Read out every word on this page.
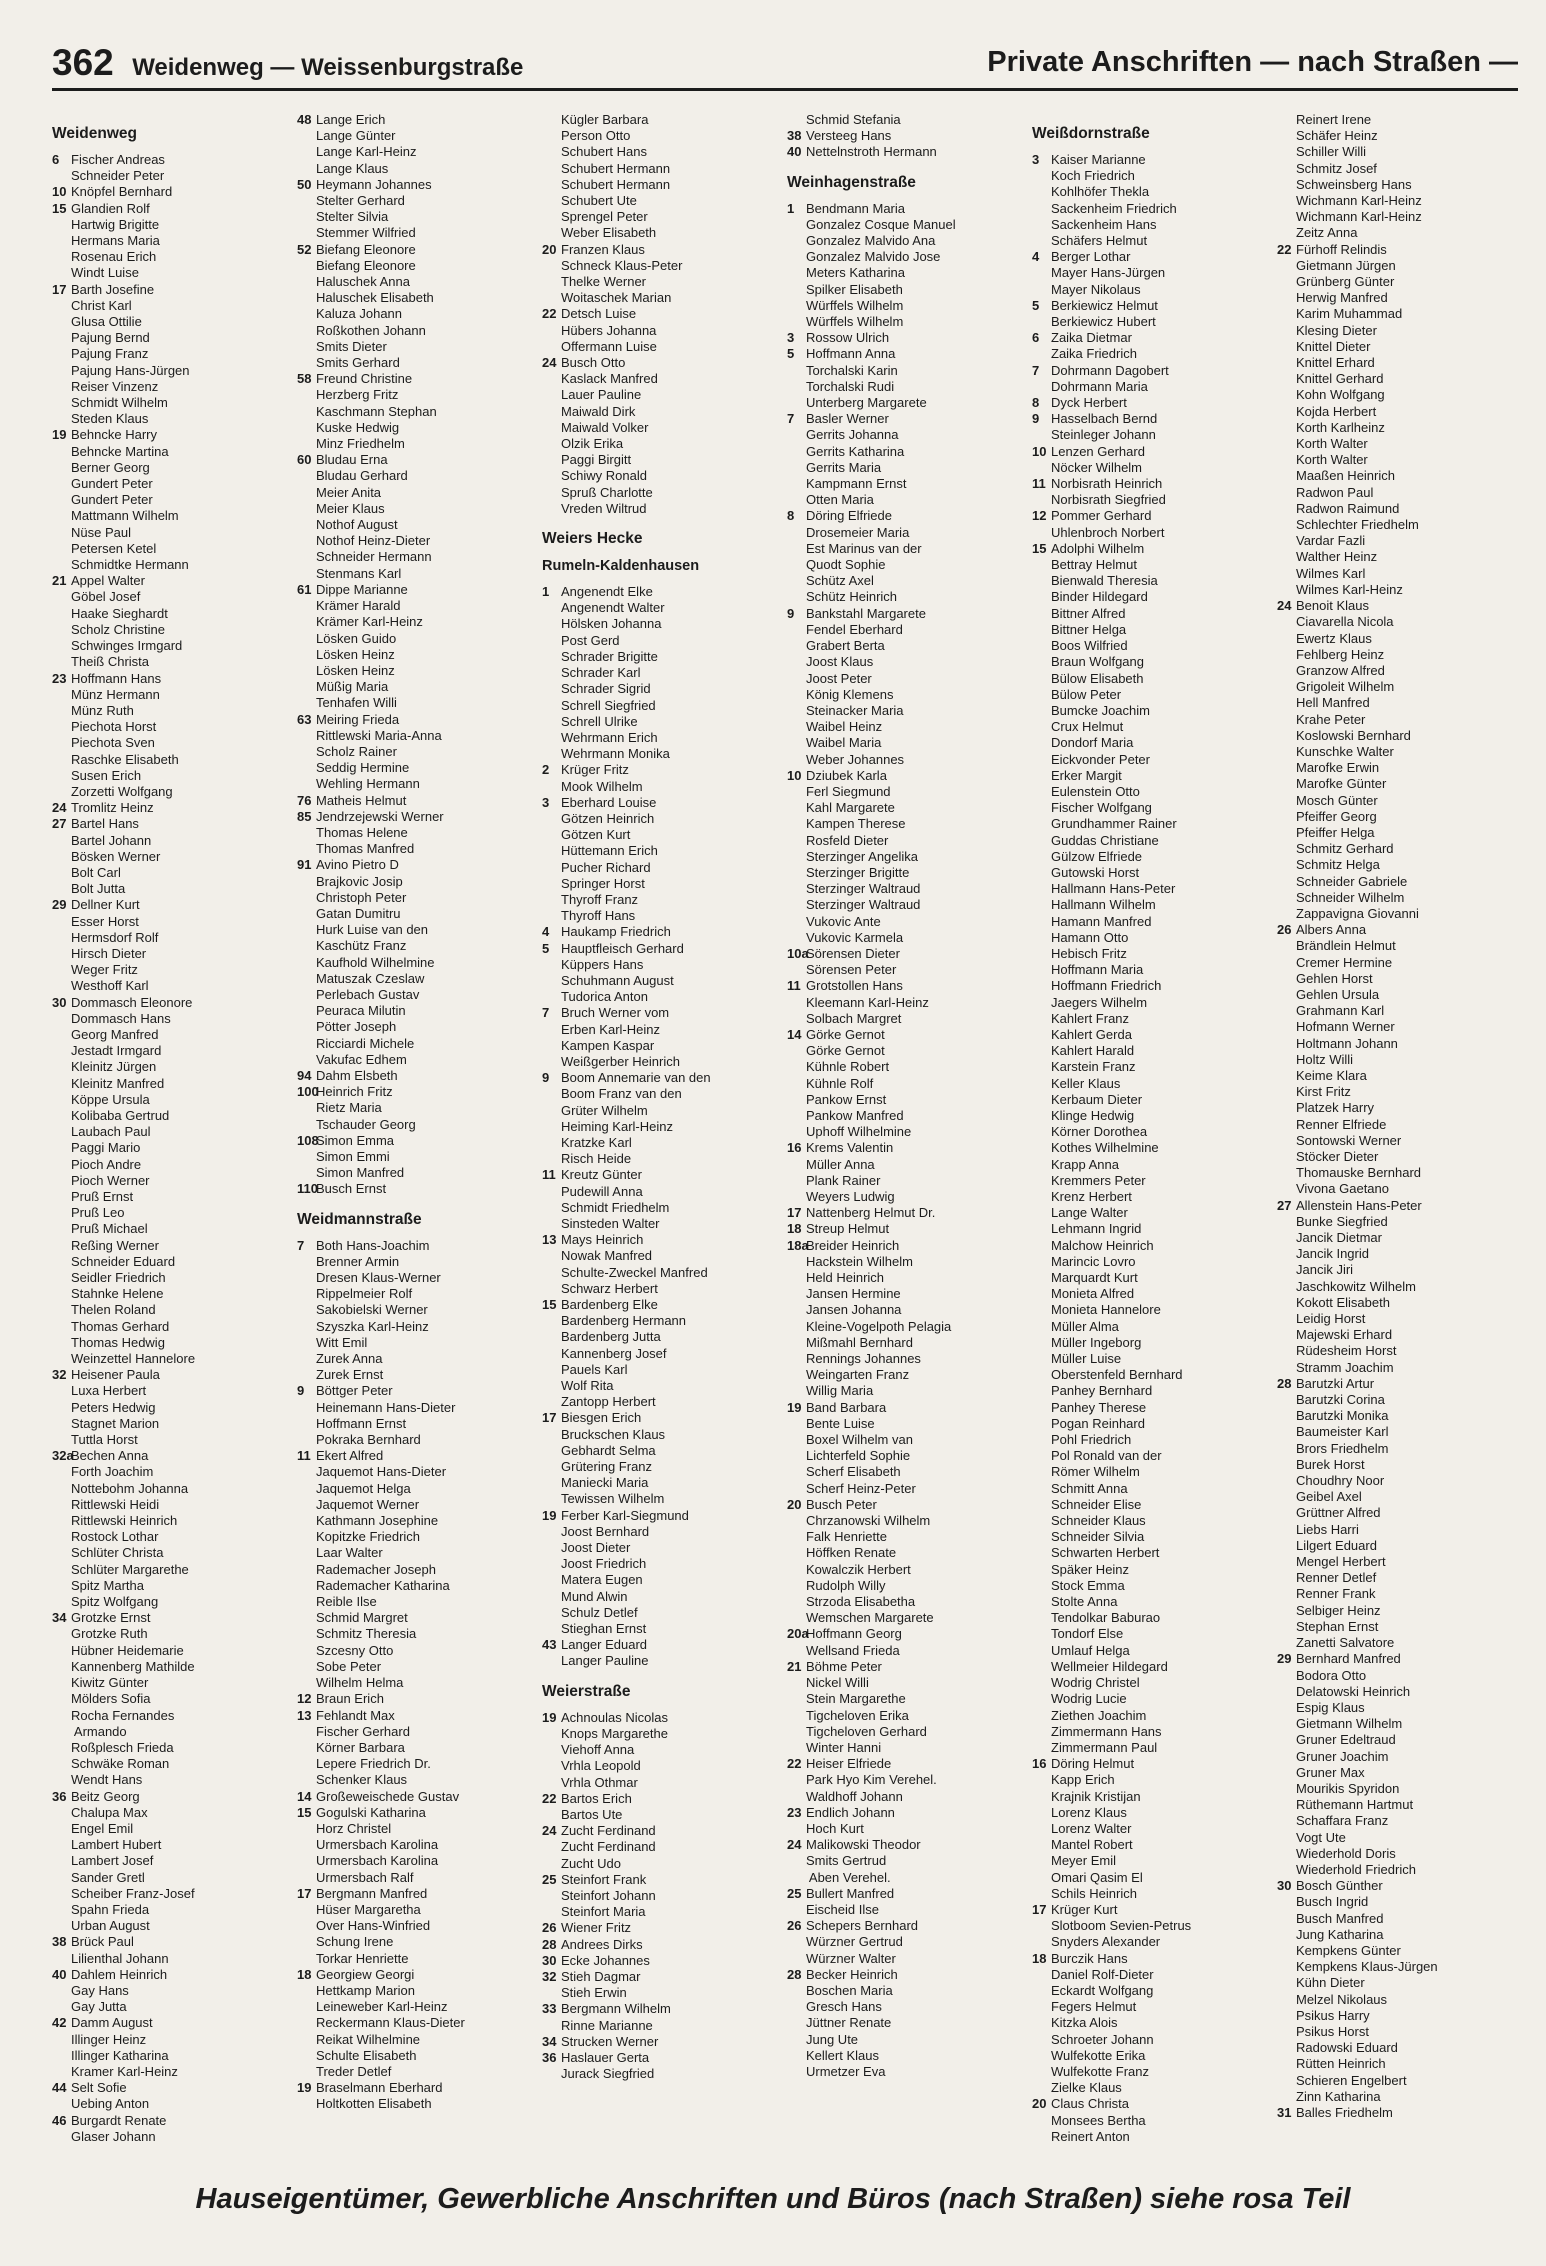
362 Weidenweg — Weissenburgstraße	Private Anschriften — nach Straßen —
Weidenweg
6 Fischer Andreas
Schneider Peter
10 Knöpfel Bernhard
15 Glandien Rolf
Hartwig Brigitte
Hermans Maria
Rosenau Erich
Windt Luise
17 Barth Josefine
Christ Karl
Glusa Ottilie
Pajung Bernd
Pajung Franz
Pajung Hans-Jürgen
Reiser Vinzenz
Schmidt Wilhelm
Steden Klaus
19 Behncke Harry
Behncke Martina
Berner Georg
Gundert Peter
Gundert Peter
Mattmann Wilhelm
Nüse Paul
Petersen Ketel
Schmidtke Hermann
21 Appel Walter
Göbel Josef
Haake Sieghardt
Scholz Christine
Schwinges Irmgard
Theiß Christa
23 Hoffmann Hans
Münz Hermann
Münz Ruth
Piechota Horst
Piechota Sven
Raschke Elisabeth
Susen Erich
Zorzetti Wolfgang
24 Tromlitz Heinz
27 Bartel Hans
Bartel Johann
Bösken Werner
Bolt Carl
Bolt Jutta
29 Dellner Kurt
Esser Horst
Hermsdorf Rolf
Hirsch Dieter
Weger Fritz
Westhoff Karl
30 Dommasch Eleonore
Dommasch Hans
Georg Manfred
Jestadt Irmgard
Kleinitz Jürgen
Kleinitz Manfred
Köppe Ursula
Kolibaba Gertrud
Laubach Paul
Paggi Mario
Pioch Andre
Pioch Werner
Pruß Ernst
Pruß Leo
Pruß Michael
Reßing Werner
Schneider Eduard
Seidler Friedrich
Stahnke Helene
Thelen Roland
Thomas Gerhard
Thomas Hedwig
Weinzettel Hannelore
32 Heisener Paula
Luxa Herbert
Peters Hedwig
Stagnet Marion
Tuttla Horst
32aBechen Anna
Forth Joachim
Nottebohm Johanna
Rittlewski Heidi
Rittlewski Heinrich
Rostock Lothar
Schlüter Christa
Schlüter Margarethe
Spitz Martha
Spitz Wolfgang
34 Grotzke Ernst
Grotzke Ruth
Hübner Heidemarie
Kannenberg Mathilde
Kiwitz Günter
Mölders Sofia
Rocha Fernandes
Armando
Roßplesch Frieda
Schwäke Roman
Wendt Hans
36 Beitz Georg
Chalupa Max
Engel Emil
Lambert Hubert
Lambert Josef
Sander Gretl
Scheiber Franz-Josef
Spahn Frieda
Urban August
38 Brück Paul
Lilienthal Johann
40 Dahlem Heinrich
Gay Hans
Gay Jutta
42 Damm August
Illinger Heinz
Illinger Katharina
Kramer Karl-Heinz
44 Selt Sofie
Uebing Anton
46 Burgardt Renate
Glaser Johann
48 Lange Erich
Lange Günter
Lange Karl-Heinz
Lange Klaus
50 Heymann Johannes
Stelter Gerhard
Stelter Silvia
Stemmer Wilfried
52 Biefang Eleonore
Biefang Eleonore
Haluschek Anna
Haluschek Elisabeth
Kaluza Johann
Roßkothen Johann
Smits Dieter
Smits Gerhard
58 Freund Christine
Herzberg Fritz
Kaschmann Stephan
Kuske Hedwig
Minz Friedhelm
60 Bludau Erna
Bludau Gerhard
Meier Anita
Meier Klaus
Nothof August
Nothof Heinz-Dieter
Schneider Hermann
Stenmans Karl
61 Dippe Marianne
Krämer Harald
Krämer Karl-Heinz
Lösken Guido
Lösken Heinz
Lösken Heinz
Müßig Maria
Tenhafen Willi
63 Meiring Frieda
Rittlewski Maria-Anna
Scholz Rainer
Seddig Hermine
Wehling Hermann
76 Matheis Helmut
85 Jendrzejewski Werner
Thomas Helene
Thomas Manfred
91 Avino Pietro D
Brajkovic Josip
Christoph Peter
Gatan Dumitru
Hurk Luise van den
Kaschütz Franz
Kaufhold Wilhelmine
Matuszak Czeslaw
Perlebach Gustav
Peuraca Milutin
Pötter Joseph
Ricciardi Michele
Vakufac Edhem
94 Dahm Elsbeth
100Heinrich Fritz
Rietz Maria
Tschauder Georg
108Simon Emma
Simon Emmi
Simon Manfred
110Busch Ernst
Weidmannstraße
7 Both Hans-Joachim
Brenner Armin
Dresen Klaus-Werner
Rippelmeier Rolf
Sakobielski Werner
Szyszka Karl-Heinz
Witt Emil
Zurek Anna
Zurek Ernst
9 Böttger Peter
Heinemann Hans-Dieter
Hoffmann Ernst
Pokraka Bernhard
11 Ekert Alfred
Jaquemot Hans-Dieter
Jaquemot Helga
Jaquemot Werner
Kathmann Josephine
Kopitzke Friedrich
Laar Walter
Rademacher Joseph
Rademacher Katharina
Reible Ilse
Schmid Margret
Schmitz Theresia
Szcesny Otto
Sobe Peter
Wilhelm Helma
12 Braun Erich
13 Fehlandt Max
Fischer Gerhard
Körner Barbara
Lepere Friedrich Dr.
Schenker Klaus
14 Großeweischede Gustav
15 Gogulski Katharina
Horz Christel
Urmersbach Karolina
Urmersbach Karolina
Urmersbach Ralf
17 Bergmann Manfred
Hüser Margaretha
Over Hans-Winfried
Schung Irene
Torkar Henriette
18 Georgiew Georgi
Hettkamp Marion
Leineweber Karl-Heinz
Reckermann Klaus-Dieter
Reikat Wilhelmine
Schulte Elisabeth
Treder Detlef
19 Braselmann Eberhard
Holtkotten Elisabeth
Kügler Barbara
Person Otto
Schubert Hans
Schubert Hermann
Schubert Hermann
Schubert Ute
Sprengel Peter
Weber Elisabeth
20 Franzen Klaus
Schneck Klaus-Peter
Thelke Werner
Woitaschek Marian
22 Detsch Luise
Hübers Johanna
Offermann Luise
24 Busch Otto
Kaslack Manfred
Lauer Pauline
Maiwald Dirk
Maiwald Volker
Olzik Erika
Paggi Birgitt
Schiwy Ronald
Spruß Charlotte
Vreden Wiltrud
Weiers Hecke
Rumeln-Kaldenhausen
1 Angenendt Elke
Angenendt Walter
Hölsken Johanna
Post Gerd
Schrader Brigitte
Schrader Karl
Schrader Sigrid
Schrell Siegfried
Schrell Ulrike
Wehrmann Erich
Wehrmann Monika
2 Krüger Fritz
Mook Wilhelm
3 Eberhard Louise
Götzen Heinrich
Götzen Kurt
Hüttemann Erich
Pucher Richard
Springer Horst
Thyroff Franz
Thyroff Hans
4 Haukamp Friedrich
5 Hauptfleisch Gerhard
Küppers Hans
Schuhmann August
Tudorica Anton
7 Bruch Werner vom
Erben Karl-Heinz
Kampen Kaspar
Weißgerber Heinrich
9 Boom Annemarie van den
Boom Franz van den
Grüter Wilhelm
Heiming Karl-Heinz
Kratzke Karl
Risch Heide
11 Kreutz Günter
Pudewill Anna
Schmidt Friedhelm
Sinsteden Walter
13 Mays Heinrich
Nowak Manfred
Schulte-Zweckel Manfred
Schwarz Herbert
15 Bardenberg Elke
Bardenberg Hermann
Bardenberg Jutta
Kannenberg Josef
Pauels Karl
Wolf Rita
Zantopp Herbert
17 Biesgen Erich
Bruckschen Klaus
Gebhardt Selma
Grütering Franz
Maniecki Maria
Tewissen Wilhelm
19 Ferber Karl-Siegmund
Joost Bernhard
Joost Dieter
Joost Friedrich
Matera Eugen
Mund Alwin
Schulz Detlef
Stieghan Ernst
43 Langer Eduard
Langer Pauline
Weierstraße
19 Achnoulas Nicolas
Knops Margarethe
Viehoff Anna
Vrhla Leopold
Vrhla Othmar
22 Bartos Erich
Bartos Ute
24 Zucht Ferdinand
Zucht Ferdinand
Zucht Udo
25 Steinfort Frank
Steinfort Johann
Steinfort Maria
26 Wiener Fritz
28 Andrees Dirks
30 Ecke Johannes
32 Stieh Dagmar
Stieh Erwin
33 Bergmann Wilhelm
Rinne Marianne
34 Strucken Werner
36 Haslauer Gerta
Jurack Siegfried
Schmid Stefania
38 Versteeg Hans
40 Nettelnstroth Hermann
Weinhagenstraße
1 Bendmann Maria
Gonzalez Cosque Manuel
Gonzalez Malvido Ana
Gonzalez Malvido Jose
Meters Katharina
Spilker Elisabeth
Würffels Wilhelm
Würffels Wilhelm
3 Rossow Ulrich
5 Hoffmann Anna
Torchalski Karin
Torchalski Rudi
Unterberg Margarete
7 Basler Werner
Gerrits Johanna
Gerrits Katharina
Gerrits Maria
Kampmann Ernst
Otten Maria
8 Döring Elfriede
Drosemeier Maria
Est Marinus van der
Quodt Sophie
Schütz Axel
Schütz Heinrich
9 Bankstahl Margarete
Fendel Eberhard
Grabert Berta
Joost Klaus
Joost Peter
König Klemens
Steinacker Maria
Waibel Heinz
Waibel Maria
Weber Johannes
10 Dziubek Karla
Ferl Siegmund
Kahl Margarete
Kampen Therese
Rosfeld Dieter
Sterzinger Angelika
Sterzinger Brigitte
Sterzinger Waltraud
Sterzinger Waltraud
Vukovic Ante
Vukovic Karmela
10aSörensen Dieter
Sörensen Peter
11 Grotstollen Hans
Kleemann Karl-Heinz
Solbach Margret
14 Görke Gernot
Görke Gernot
Kühnle Robert
Kühnle Rolf
Pankow Ernst
Pankow Manfred
Uphoff Wilhelmine
16 Krems Valentin
Müller Anna
Plank Rainer
Weyers Ludwig
17 Nattenberg Helmut Dr.
18 Streup Helmut
18aBreider Heinrich
Hackstein Wilhelm
Held Heinrich
Jansen Hermine
Jansen Johanna
Kleine-Vogelpoth Pelagia
Mißmahl Bernhard
Rennings Johannes
Weingarten Franz
Willig Maria
19 Band Barbara
Bente Luise
Boxel Wilhelm van
Lichterfeld Sophie
Scherf Elisabeth
Scherf Heinz-Peter
20 Busch Peter
Chrzanowski Wilhelm
Falk Henriette
Höffken Renate
Kowalczik Herbert
Rudolph Willy
Strzoda Elisabetha
Wemschen Margarete
20aHoffmann Georg
Wellsand Frieda
21 Böhme Peter
Nickel Willi
Stein Margarethe
Tigcheloven Erika
Tigcheloven Gerhard
Winter Hanni
22 Heiser Elfriede
Park Hyo Kim Verehel.
Waldhoff Johann
23 Endlich Johann
Hoch Kurt
24 Malikowski Theodor
Smits Gertrud
Aben Verehel.
25 Bullert Manfred
Eischeid Ilse
26 Schepers Bernhard
Würzner Gertrud
Würzner Walter
28 Becker Heinrich
Boschen Maria
Gresch Hans
Jüttner Renate
Jung Ute
Kellert Klaus
Urmetzer Eva
Weißdornstraße
3 Kaiser Marianne
Koch Friedrich
Kohlhöfer Thekla
Sackenheim Friedrich
Sackenheim Hans
Schäfers Helmut
4 Berger Lothar
Mayer Hans-Jürgen
Mayer Nikolaus
5 Berkiewicz Helmut
Berkiewicz Hubert
6 Zaika Dietmar
Zaika Friedrich
7 Dohrmann Dagobert
Dohrmann Maria
8 Dyck Herbert
9 Hasselbach Bernd
Steinleger Johann
10 Lenzen Gerhard
Nöcker Wilhelm
11 Norbisrath Heinrich
Norbisrath Siegfried
12 Pommer Gerhard
Uhlenbroch Norbert
15 Adolphi Wilhelm
Bettray Helmut
Bienwald Theresia
Binder Hildegard
Bittner Alfred
Bittner Helga
Boos Wilfried
Braun Wolfgang
Bülow Elisabeth
Bülow Peter
Bumcke Joachim
Crux Helmut
Dondorf Maria
Eickvonder Peter
Erker Margit
Eulenstein Otto
Fischer Wolfgang
Grundhammer Rainer
Guddas Christiane
Gülzow Elfriede
Gutowski Horst
Hallmann Hans-Peter
Hallmann Wilhelm
Hamann Manfred
Hamann Otto
Hebisch Fritz
Hoffmann Maria
Hoffmann Friedrich
Jaegers Wilhelm
Kahlert Franz
Kahlert Gerda
Kahlert Harald
Karstein Franz
Keller Klaus
Kerbaum Dieter
Klinge Hedwig
Körner Dorothea
Kothes Wilhelmine
Krapp Anna
Kremmers Peter
Krenz Herbert
Lange Walter
Lehmann Ingrid
Malchow Heinrich
Marincic Lovro
Marquardt Kurt
Monieta Alfred
Monieta Hannelore
Müller Alma
Müller Ingeborg
Müller Luise
Oberstenfeld Bernhard
Panhey Bernhard
Panhey Therese
Pogan Reinhard
Pohl Friedrich
Pol Ronald van der
Römer Wilhelm
Schmitt Anna
Schneider Elise
Schneider Klaus
Schneider Silvia
Schwarten Herbert
Späker Heinz
Stock Emma
Stolte Anna
Tendolkar Baburao
Tondorf Else
Umlauf Helga
Wellmeier Hildegard
Wodrig Christel
Wodrig Lucie
Ziethen Joachim
Zimmermann Hans
Zimmermann Paul
16 Döring Helmut
Kapp Erich
Krajnik Kristijan
Lorenz Klaus
Lorenz Walter
Mantel Robert
Meyer Emil
Omari Qasim El
Schils Heinrich
17 Krüger Kurt
Slotboom Sevien-Petrus
Snyders Alexander
18 Burczik Hans
Daniel Rolf-Dieter
Eckardt Wolfgang
Fegers Helmut
Kitzka Alois
Schroeter Johann
Wulfekotte Erika
Wulfekotte Franz
Zielke Klaus
20 Claus Christa
Monsees Bertha
Reinert Anton
Reinert Irene
Schäfer Heinz
Schiller Willi
Schmitz Josef
Schweinsberg Hans
Wichmann Karl-Heinz
Wichmann Karl-Heinz
Zeitz Anna
22 Fürhoff Relindis
Gietmann Jürgen
Grünberg Günter
Herwig Manfred
Karim Muhammad
Klesing Dieter
Knittel Dieter
Knittel Erhard
Knittel Gerhard
Kohn Wolfgang
Kojda Herbert
Korth Karlheinz
Korth Walter
Korth Walter
Maaßen Heinrich
Radwon Paul
Radwon Raimund
Schlechter Friedhelm
Vardar Fazli
Walther Heinz
Wilmes Karl
Wilmes Karl-Heinz
24 Benoit Klaus
Ciavarella Nicola
Ewertz Klaus
Fehlberg Heinz
Granzow Alfred
Grigoleit Wilhelm
Hell Manfred
Krahe Peter
Koslowski Bernhard
Kunschke Walter
Marofke Erwin
Marofke Günter
Mosch Günter
Pfeiffer Georg
Pfeiffer Helga
Schmitz Gerhard
Schmitz Helga
Schneider Gabriele
Schneider Wilhelm
Zappavigna Giovanni
26 Albers Anna
Brändlein Helmut
Cremer Hermine
Gehlen Horst
Gehlen Ursula
Grahmann Karl
Hofmann Werner
Holtmann Johann
Holtz Willi
Keime Klara
Kirst Fritz
Platzek Harry
Renner Elfriede
Sontowski Werner
Stöcker Dieter
Thomauske Bernhard
Vivona Gaetano
27 Allenstein Hans-Peter
Bunke Siegfried
Jancik Dietmar
Jancik Ingrid
Jancik Jiri
Jaschkowitz Wilhelm
Kokott Elisabeth
Leidig Horst
Majewski Erhard
Rüdesheim Horst
Stramm Joachim
28 Barutzki Artur
Barutzki Corina
Barutzki Monika
Baumeister Karl
Brors Friedhelm
Burek Horst
Choudhry Noor
Geibel Axel
Grüttner Alfred
Liebs Harri
Lilgert Eduard
Mengel Herbert
Renner Detlef
Renner Frank
Selbiger Heinz
Stephan Ernst
Zanetti Salvatore
29 Bernhard Manfred
Bodora Otto
Delatowski Heinrich
Espig Klaus
Gietmann Wilhelm
Gruner Edeltraud
Gruner Joachim
Gruner Max
Mourikis Spyridon
Rüthemann Hartmut
Schaffara Franz
Vogt Ute
Wiederhold Doris
Wiederhold Friedrich
30 Bosch Günther
Busch Ingrid
Busch Manfred
Jung Katharina
Kempkens Günter
Kempkens Klaus-Jürgen
Kühn Dieter
Melzel Nikolaus
Psikus Harry
Psikus Horst
Radowski Eduard
Rütten Heinrich
Schieren Engelbert
Zinn Katharina
31 Balles Friedhelm
Hauseigentümer, Gewerbliche Anschriften und Büros (nach Straßen) siehe rosa Teil
